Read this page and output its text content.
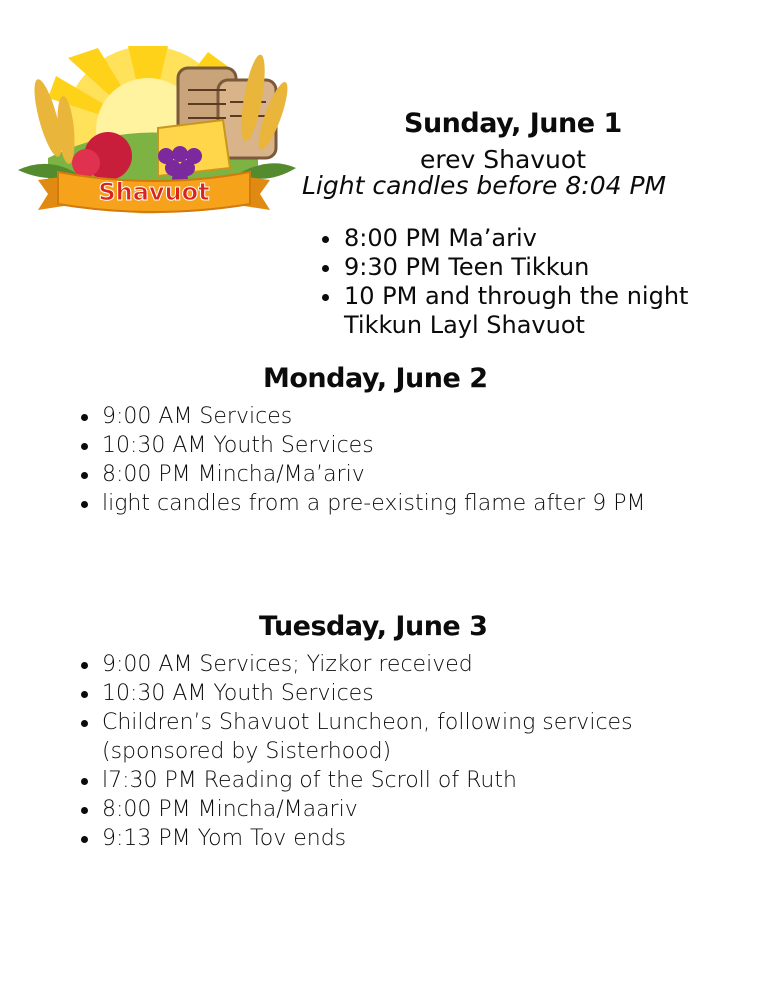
Shavuot
Sunday, June 1

erev Shavuot

Light candles before 8:04 PM

8:00 PM Ma’ariv
9:30 PM Teen Tikkun
10 PM and through the night
Tikkun Layl Shavuot
Monday, June 2
9:00 AM Services
10:30 AM Youth Services
8:00 PM Mincha/Ma’ariv
light candles from a pre-existing flame after 9 PM
Tuesday, June 3
9:00 AM Services; Yizkor received
10:30 AM Youth Services
Children’s Shavuot Luncheon, following services
(sponsored by Sisterhood)
l7:30 PM Reading of the Scroll of Ruth
8:00 PM Mincha/Maariv
9:13 PM Yom Tov ends
